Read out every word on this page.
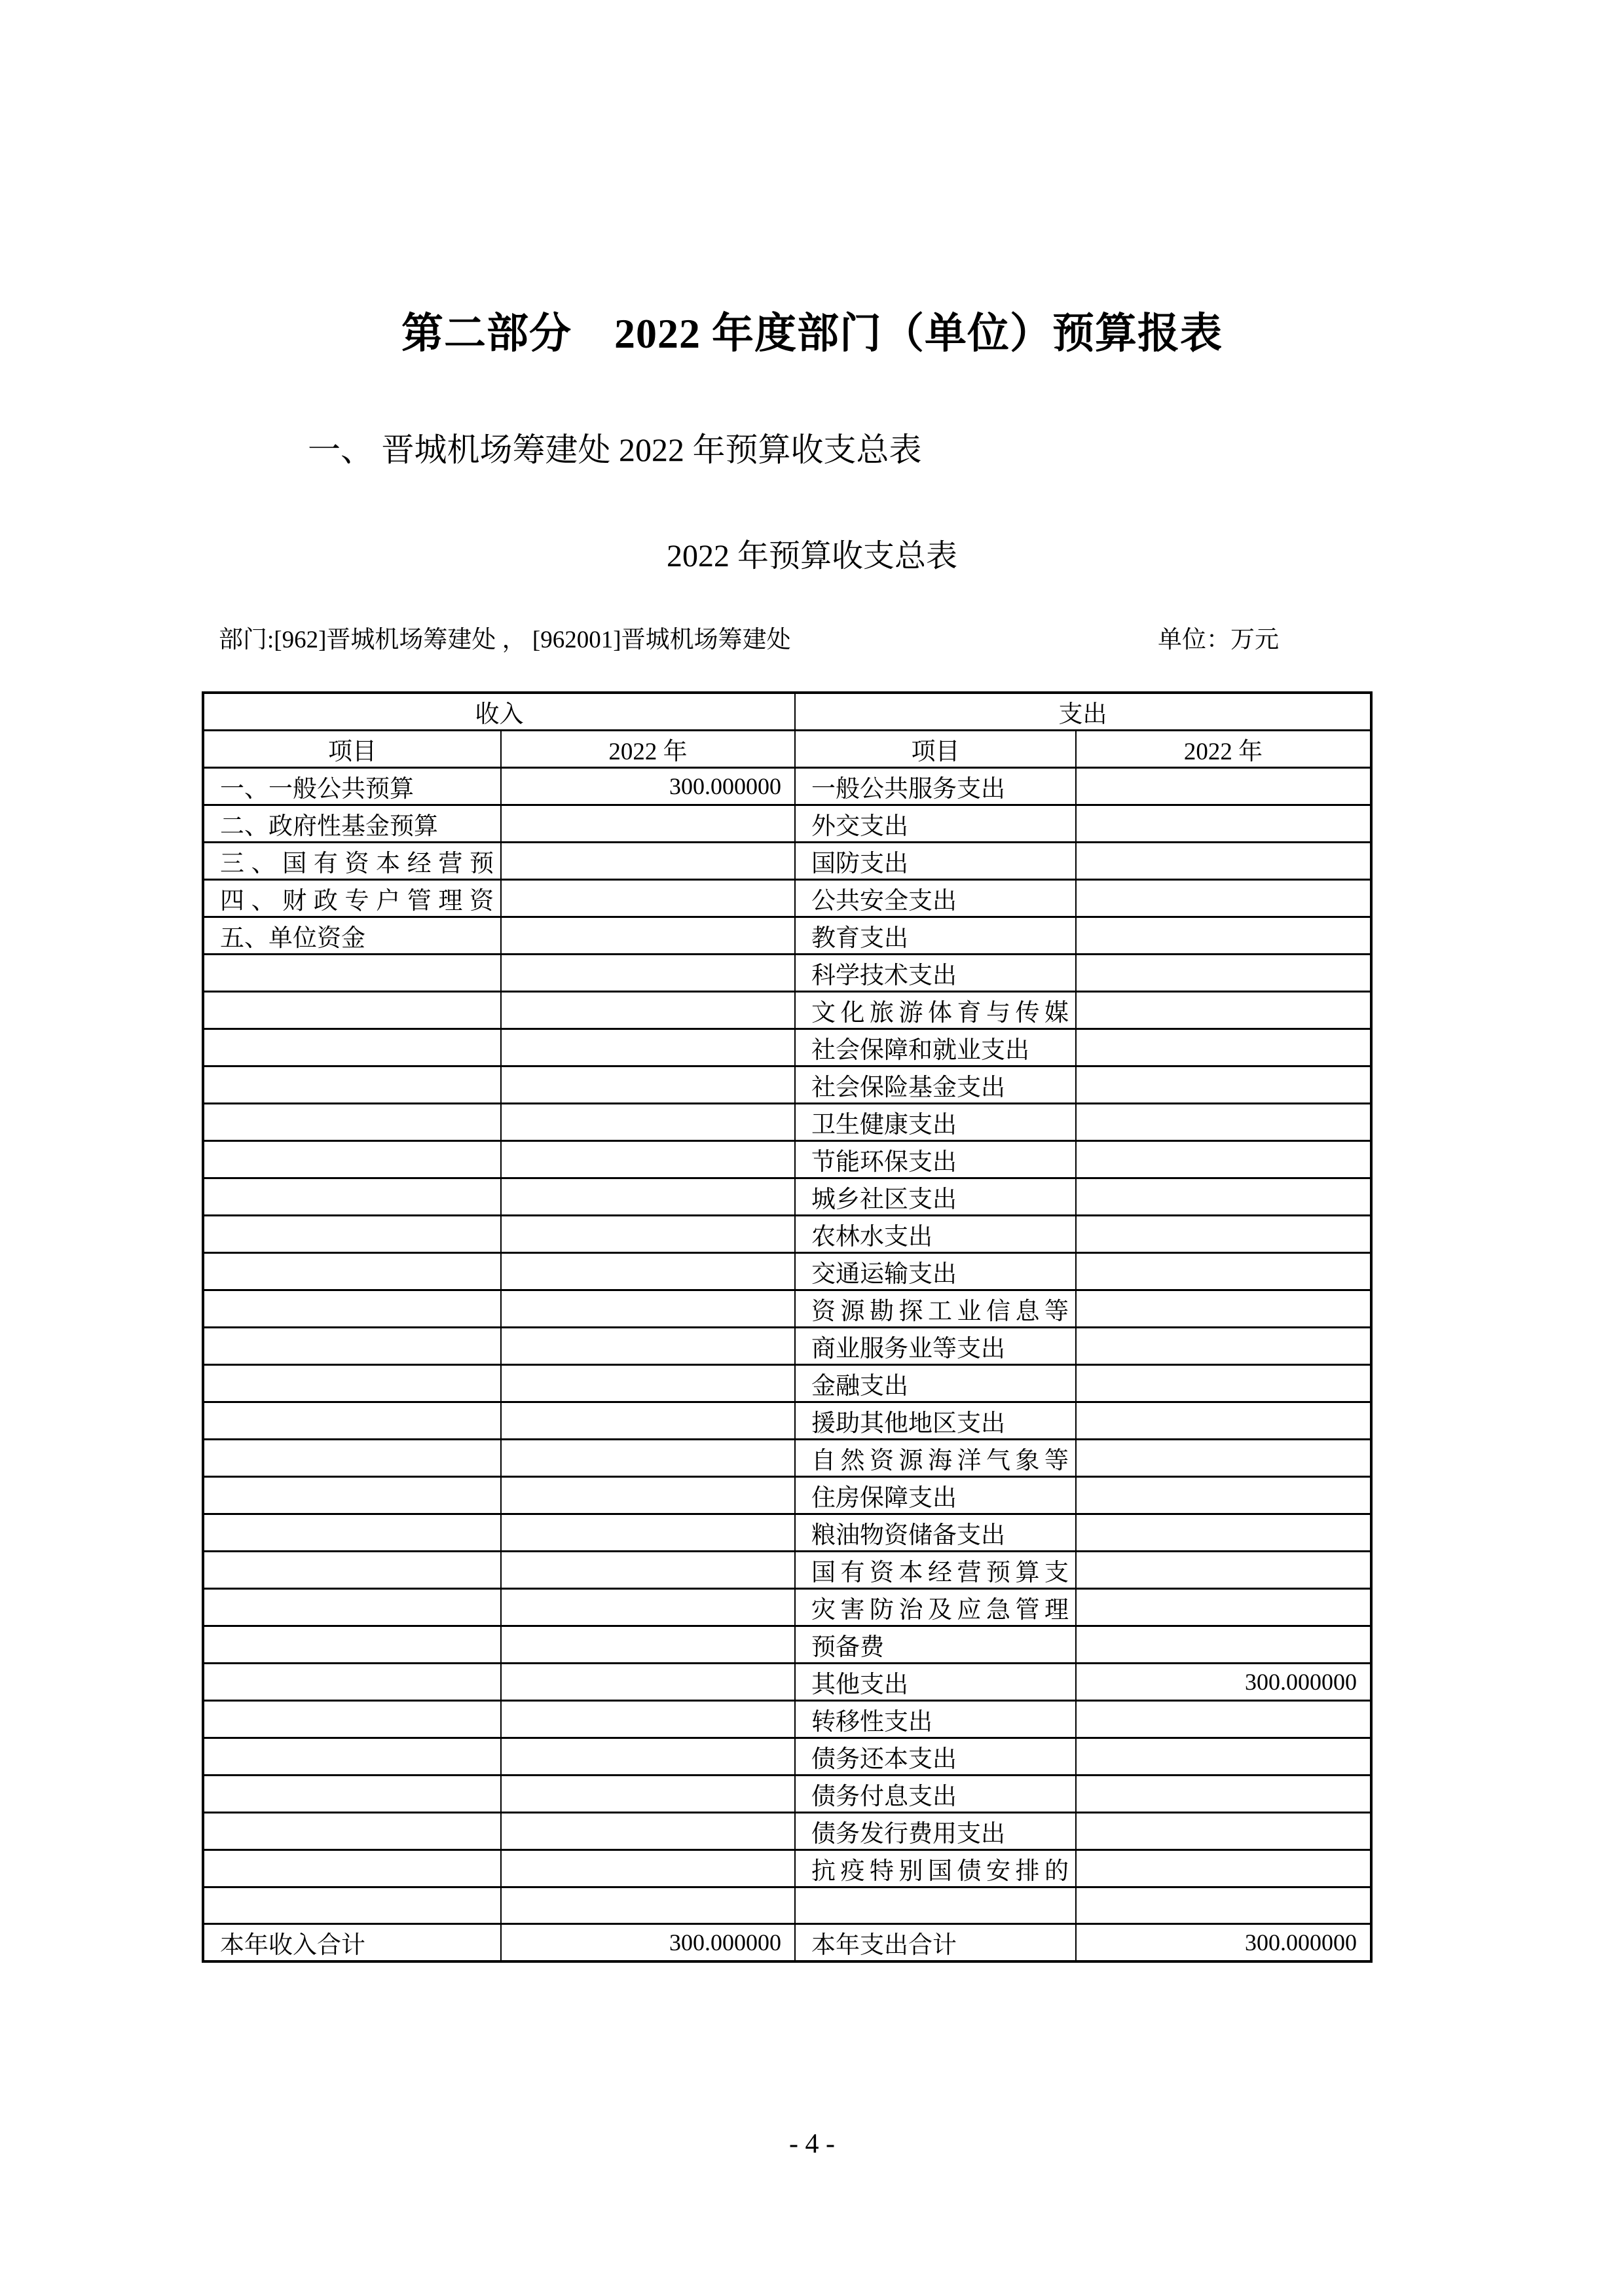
第二部分　2022 年度部门（单位）预算报表
一、 晋城机场筹建处 2022 年预算收支总表
2022 年预算收支总表
部门:[962]晋城机场筹建处 ， [962001]晋城机场筹建处	单位：万元
收入		支出	
项目	2022 年	项目	2022 年
一、一般公共预算	300.000000	一般公共服务支出	
二、政府性基金预算		外交支出	
三、国有资本经营预		国防支出	
四、财政专户管理资		公共安全支出	
五、单位资金		教育支出	
		科学技术支出	
		文化旅游体育与传媒	
		社会保障和就业支出	
		社会保险基金支出	
		卫生健康支出	
		节能环保支出	
		城乡社区支出	
		农林水支出	
		交通运输支出	
		资源勘探工业信息等	
		商业服务业等支出	
		金融支出	
		援助其他地区支出	
		自然资源海洋气象等	
		住房保障支出	
		粮油物资储备支出	
		国有资本经营预算支	
		灾害防治及应急管理	
		预备费	
		其他支出	300.000000
		转移性支出	
		债务还本支出	
		债务付息支出	
		债务发行费用支出	
		抗疫特别国债安排的	

本年收入合计	300.000000	本年支出合计	300.000000
- 4 -
